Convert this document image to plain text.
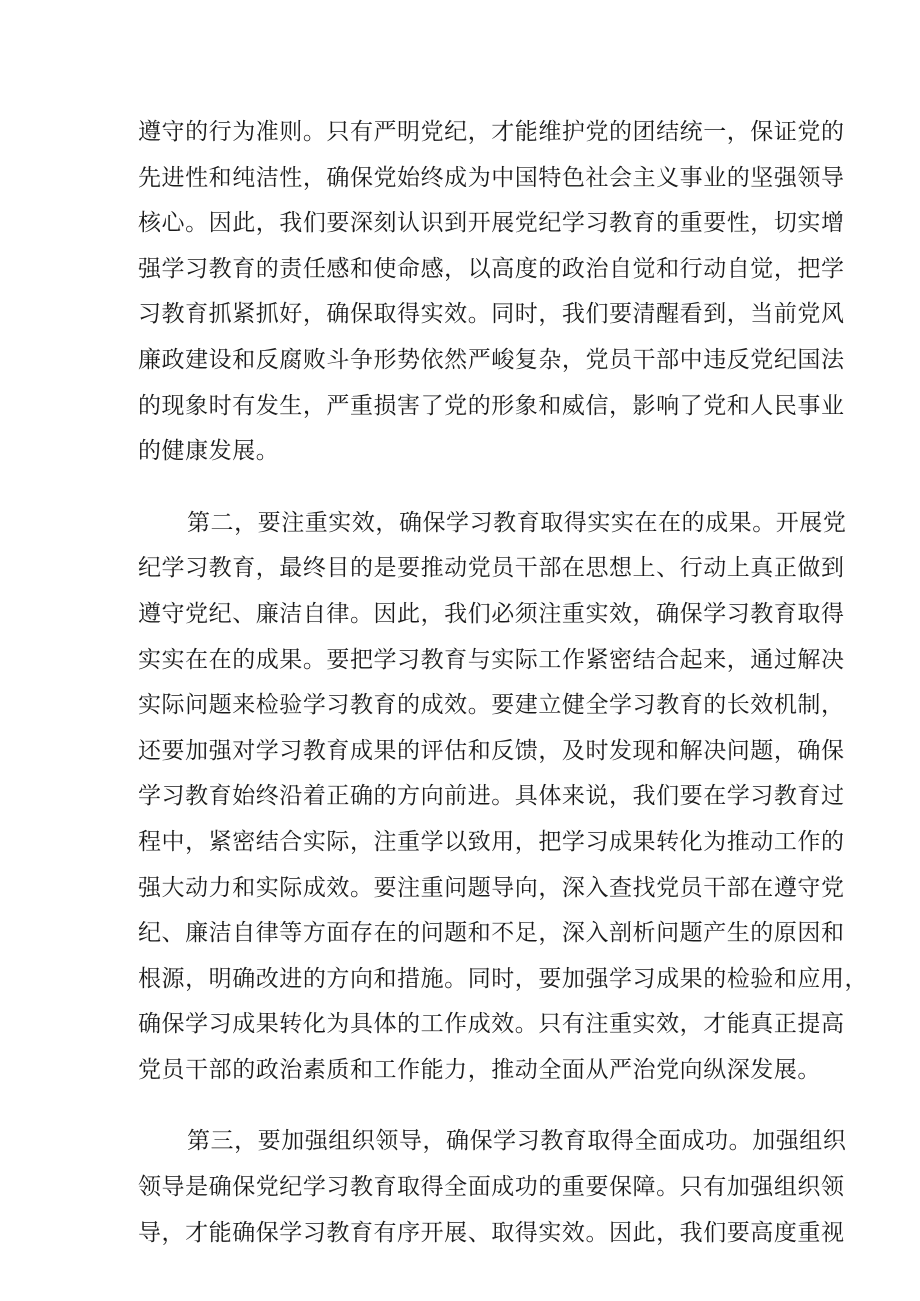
遵守的行为准则。只有严明党纪，才能维护党的团结统一，保证党的
先进性和纯洁性，确保党始终成为中国特色社会主义事业的坚强领导
核心。因此，我们要深刻认识到开展党纪学习教育的重要性，切实增
强学习教育的责任感和使命感，以高度的政治自觉和行动自觉，把学
习教育抓紧抓好，确保取得实效。同时，我们要清醒看到，当前党风
廉政建设和反腐败斗争形势依然严峻复杂，党员干部中违反党纪国法
的现象时有发生，严重损害了党的形象和威信，影响了党和人民事业
的健康发展。
第二，要注重实效，确保学习教育取得实实在在的成果。开展党
纪学习教育，最终目的是要推动党员干部在思想上、行动上真正做到
遵守党纪、廉洁自律。因此，我们必须注重实效，确保学习教育取得
实实在在的成果。要把学习教育与实际工作紧密结合起来，通过解决
实际问题来检验学习教育的成效。要建立健全学习教育的长效机制，
还要加强对学习教育成果的评估和反馈，及时发现和解决问题，确保
学习教育始终沿着正确的方向前进。具体来说，我们要在学习教育过
程中，紧密结合实际，注重学以致用，把学习成果转化为推动工作的
强大动力和实际成效。要注重问题导向，深入查找党员干部在遵守党
纪、廉洁自律等方面存在的问题和不足，深入剖析问题产生的原因和
根源，明确改进的方向和措施。同时，要加强学习成果的检验和应用，
确保学习成果转化为具体的工作成效。只有注重实效，才能真正提高
党员干部的政治素质和工作能力，推动全面从严治党向纵深发展。
第三，要加强组织领导，确保学习教育取得全面成功。加强组织
领导是确保党纪学习教育取得全面成功的重要保障。只有加强组织领
导，才能确保学习教育有序开展、取得实效。因此，我们要高度重视
